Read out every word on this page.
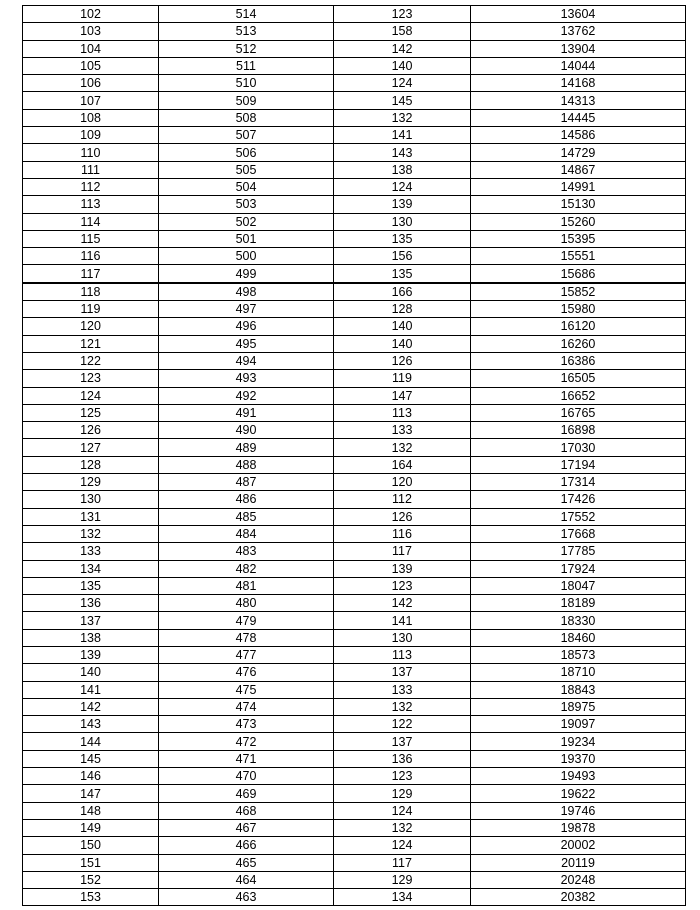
102	514	123	13604
103	513	158	13762
104	512	142	13904
105	511	140	14044
106	510	124	14168
107	509	145	14313
108	508	132	14445
109	507	141	14586
110	506	143	14729
111	505	138	14867
112	504	124	14991
113	503	139	15130
114	502	130	15260
115	501	135	15395
116	500	156	15551
117	499	135	15686
118	498	166	15852
119	497	128	15980
120	496	140	16120
121	495	140	16260
122	494	126	16386
123	493	119	16505
124	492	147	16652
125	491	113	16765
126	490	133	16898
127	489	132	17030
128	488	164	17194
129	487	120	17314
130	486	112	17426
131	485	126	17552
132	484	116	17668
133	483	117	17785
134	482	139	17924
135	481	123	18047
136	480	142	18189
137	479	141	18330
138	478	130	18460
139	477	113	18573
140	476	137	18710
141	475	133	18843
142	474	132	18975
143	473	122	19097
144	472	137	19234
145	471	136	19370
146	470	123	19493
147	469	129	19622
148	468	124	19746
149	467	132	19878
150	466	124	20002
151	465	117	20119
152	464	129	20248
153	463	134	20382
